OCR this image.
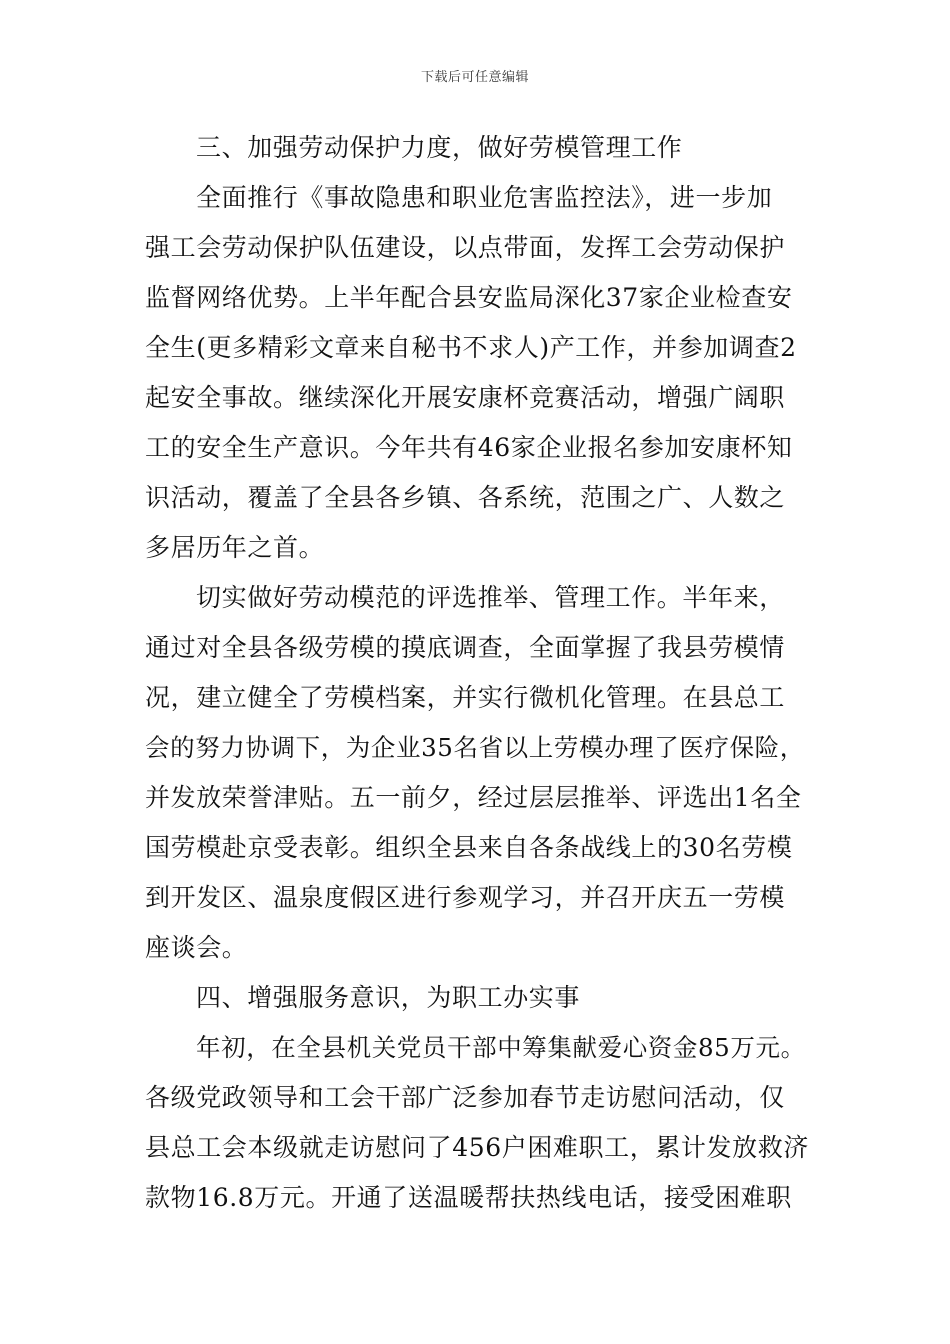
下载后可任意编辑
三、加强劳动保护力度，做好劳模管理工作
全面推行《事故隐患和职业危害监控法》，进一步加
强工会劳动保护队伍建设，以点带面，发挥工会劳动保护
监督网络优势。上半年配合县安监局深化37家企业检查安
全生(更多精彩文章来自秘书不求人)产工作，并参加调查2
起安全事故。继续深化开展安康杯竞赛活动，增强广阔职
工的安全生产意识。今年共有46家企业报名参加安康杯知
识活动，覆盖了全县各乡镇、各系统，范围之广、人数之
多居历年之首。
切实做好劳动模范的评选推举、管理工作。半年来，
通过对全县各级劳模的摸底调查，全面掌握了我县劳模情
况，建立健全了劳模档案，并实行微机化管理。在县总工
会的努力协调下，为企业35名省以上劳模办理了医疗保险，
并发放荣誉津贴。五一前夕，经过层层推举、评选出1名全
国劳模赴京受表彰。组织全县来自各条战线上的30名劳模
到开发区、温泉度假区进行参观学习，并召开庆五一劳模
座谈会。
四、增强服务意识，为职工办实事
年初，在全县机关党员干部中筹集献爱心资金85万元。
各级党政领导和工会干部广泛参加春节走访慰问活动，仅
县总工会本级就走访慰问了456户困难职工，累计发放救济
款物16.8万元。开通了送温暖帮扶热线电话，接受困难职
